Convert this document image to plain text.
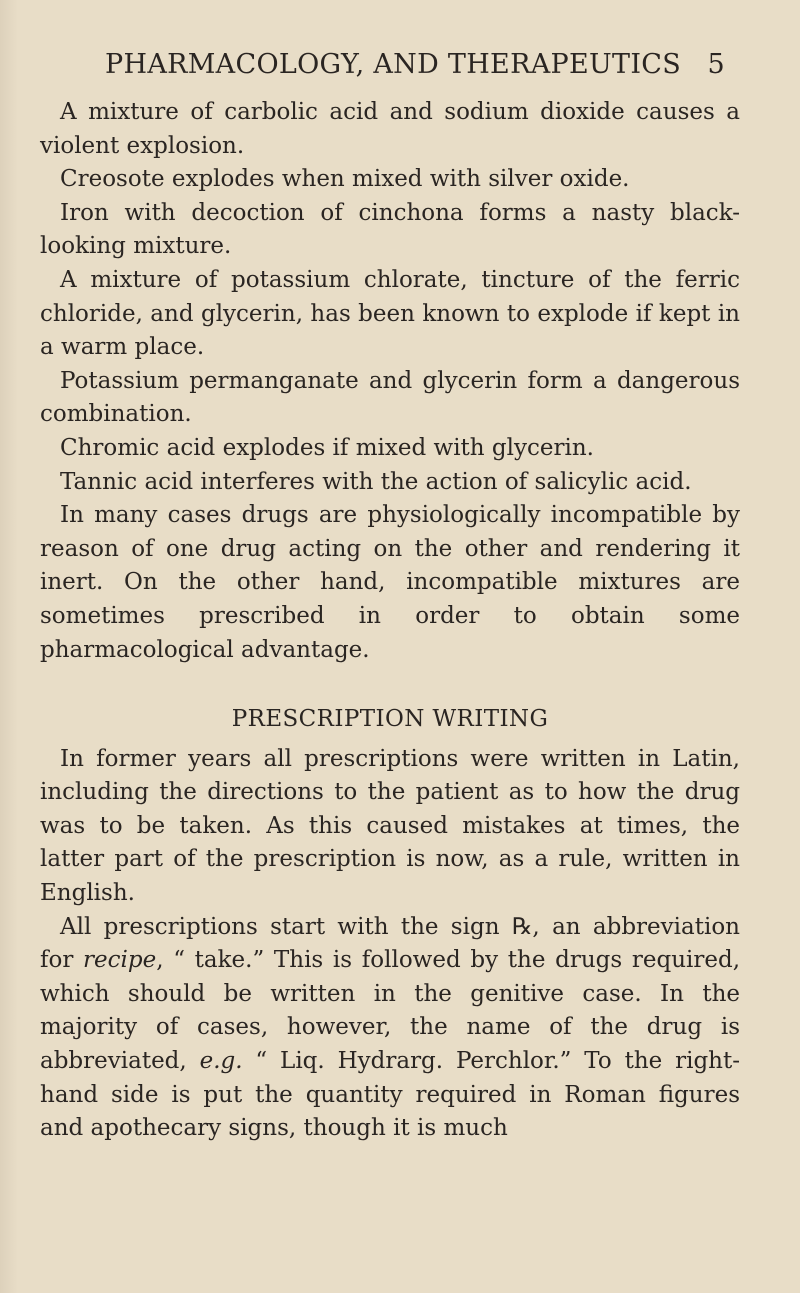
PHARMACOLOGY, AND THERAPEUTICS 5

A mixture of carbolic acid and sodium dioxide causes a violent explosion.

Creosote explodes when mixed with silver oxide.

Iron with decoction of cinchona forms a nasty black-looking mixture.

A mixture of potassium chlorate, tincture of the ferric chloride, and glycerin, has been known to explode if kept in a warm place.

Potassium permanganate and glycerin form a dangerous combination.

Chromic acid explodes if mixed with glycerin.

Tannic acid interferes with the action of salicylic acid.

In many cases drugs are physiologically incompatible by reason of one drug acting on the other and rendering it inert. On the other hand, incompatible mixtures are sometimes prescribed in order to obtain some pharmacological advantage.

PRESCRIPTION WRITING

In former years all prescriptions were written in Latin, including the directions to the patient as to how the drug was to be taken. As this caused mistakes at times, the latter part of the prescription is now, as a rule, written in English.

All prescriptions start with the sign ℞, an abbreviation for recipe, “ take.” This is followed by the drugs required, which should be written in the genitive case. In the majority of cases, however, the name of the drug is abbreviated, e.g. “ Liq. Hydrarg. Perchlor.” To the right-hand side is put the quantity required in Roman figures and apothecary signs, though it is much
